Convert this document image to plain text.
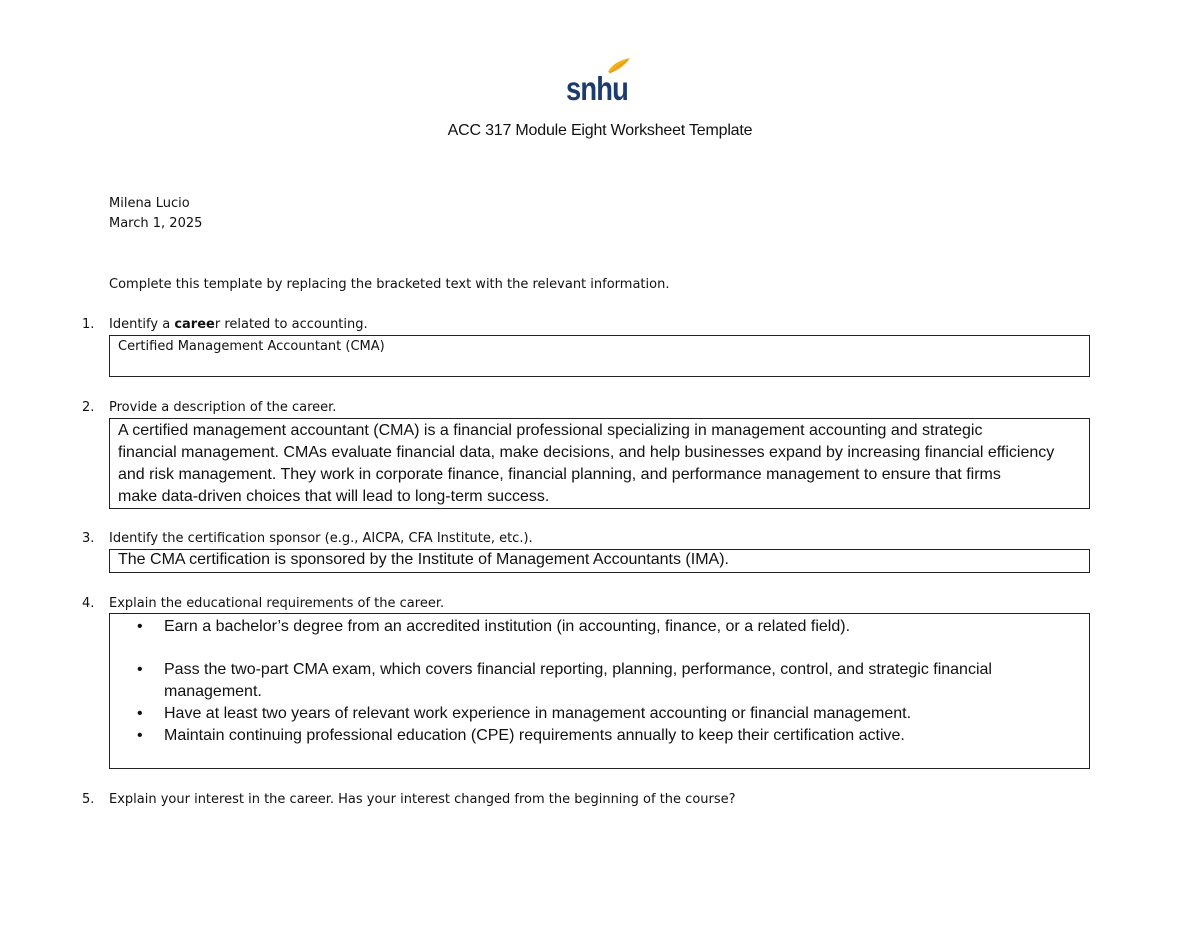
snhu
ACC 317 Module Eight Worksheet Template
Milena Lucio
March 1, 2025
Complete this template by replacing the bracketed text with the relevant information.
1. Identify a career related to accounting.
Certified Management Accountant (CMA)
2. Provide a description of the career.
A certified management accountant (CMA) is a financial professional specializing in management accounting and strategic
financial management. CMAs evaluate financial data, make decisions, and help businesses expand by increasing financial efficiency
and risk management. They work in corporate finance, financial planning, and performance management to ensure that firms
make data-driven choices that will lead to long-term success.
3. Identify the certification sponsor (e.g., AICPA, CFA Institute, etc.).
The CMA certification is sponsored by the Institute of Management Accountants (IMA).
4. Explain the educational requirements of the career.
• Earn a bachelor’s degree from an accredited institution (in accounting, finance, or a related field).
• Pass the two-part CMA exam, which covers financial reporting, planning, performance, control, and strategic financial management.
• Have at least two years of relevant work experience in management accounting or financial management.
• Maintain continuing professional education (CPE) requirements annually to keep their certification active.
5. Explain your interest in the career. Has your interest changed from the beginning of the course?
